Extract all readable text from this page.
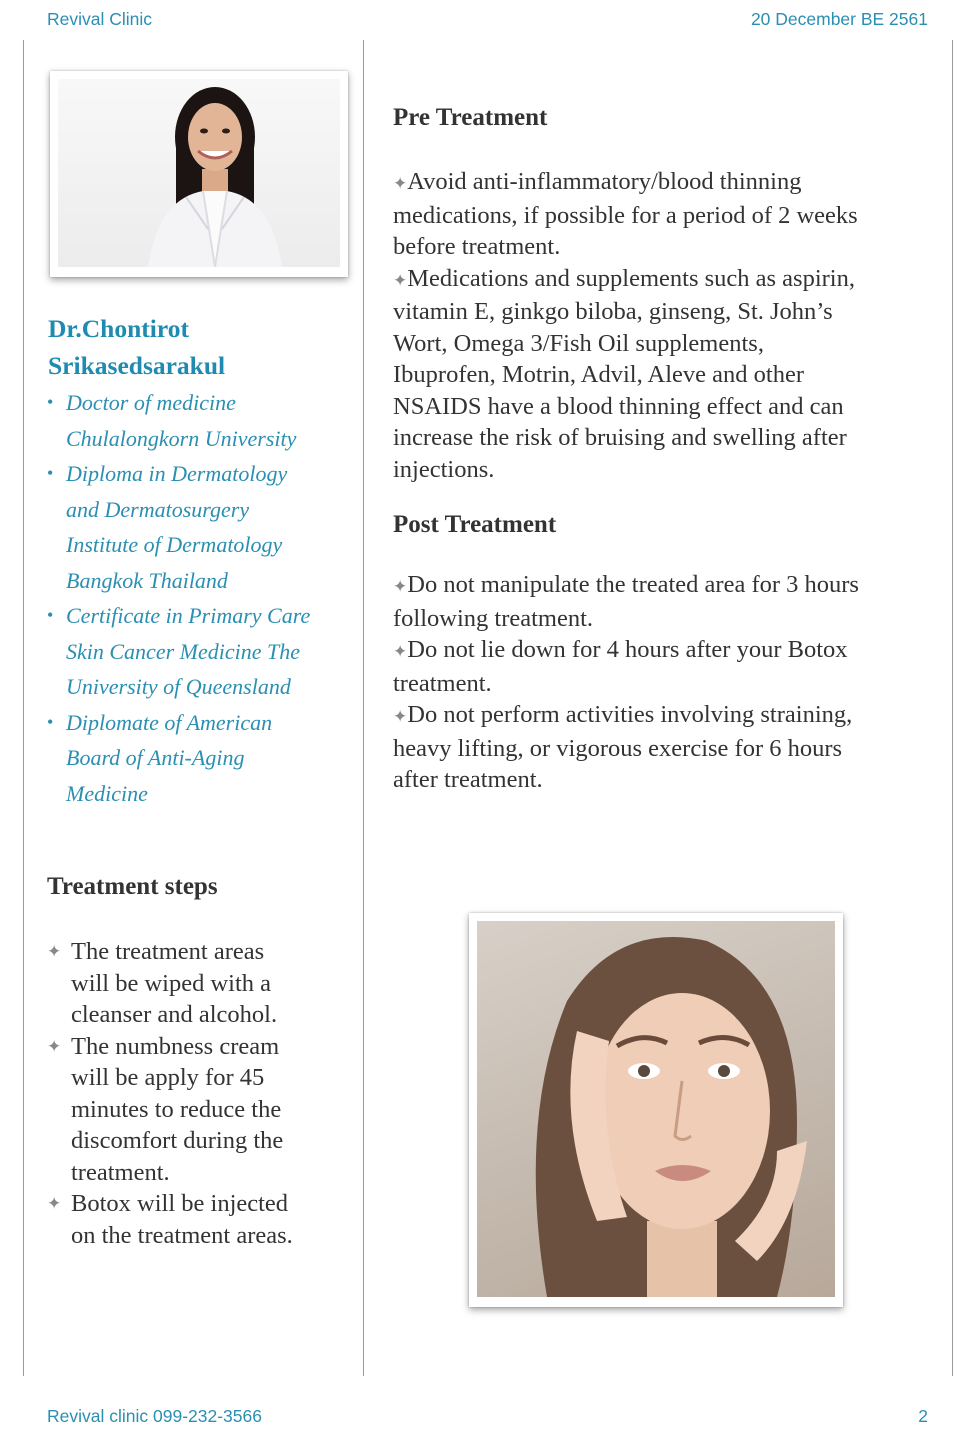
Revival Clinic	20 December BE 2561
Revival clinic 099-232-3566	2
Dr.Chontirot
Srikasedsarakul
• Doctor of medicine
Chulalongkorn University
• Diploma in Dermatology
and Dermatosurgery
Institute of Dermatology
Bangkok Thailand
• Certificate in Primary Care
Skin Cancer Medicine The
University of Queensland
• Diplomate of American
Board of Anti-Aging
Medicine
Treatment steps
✦ The treatment areas
will be wiped with a
cleanser and alcohol.
✦ The numbness cream
will be apply for 45
minutes to reduce the
discomfort during the
treatment.
✦ Botox will be injected
on the treatment areas.
Pre Treatment

✦Avoid anti-inflammatory/blood thinning
medications, if possible for a period of 2 weeks
before treatment.

✦Medications and supplements such as aspirin,
vitamin E, ginkgo biloba, ginseng, St. John’s
Wort, Omega 3/Fish Oil supplements,
Ibuprofen, Motrin, Advil, Aleve and other
NSAIDS have a blood thinning effect and can
increase the risk of bruising and swelling after
injections.

Post Treatment

✦Do not manipulate the treated area for 3 hours
following treatment.

✦Do not lie down for 4 hours after your Botox
treatment.

✦Do not perform activities involving straining,
heavy lifting, or vigorous exercise for 6 hours
after treatment.
